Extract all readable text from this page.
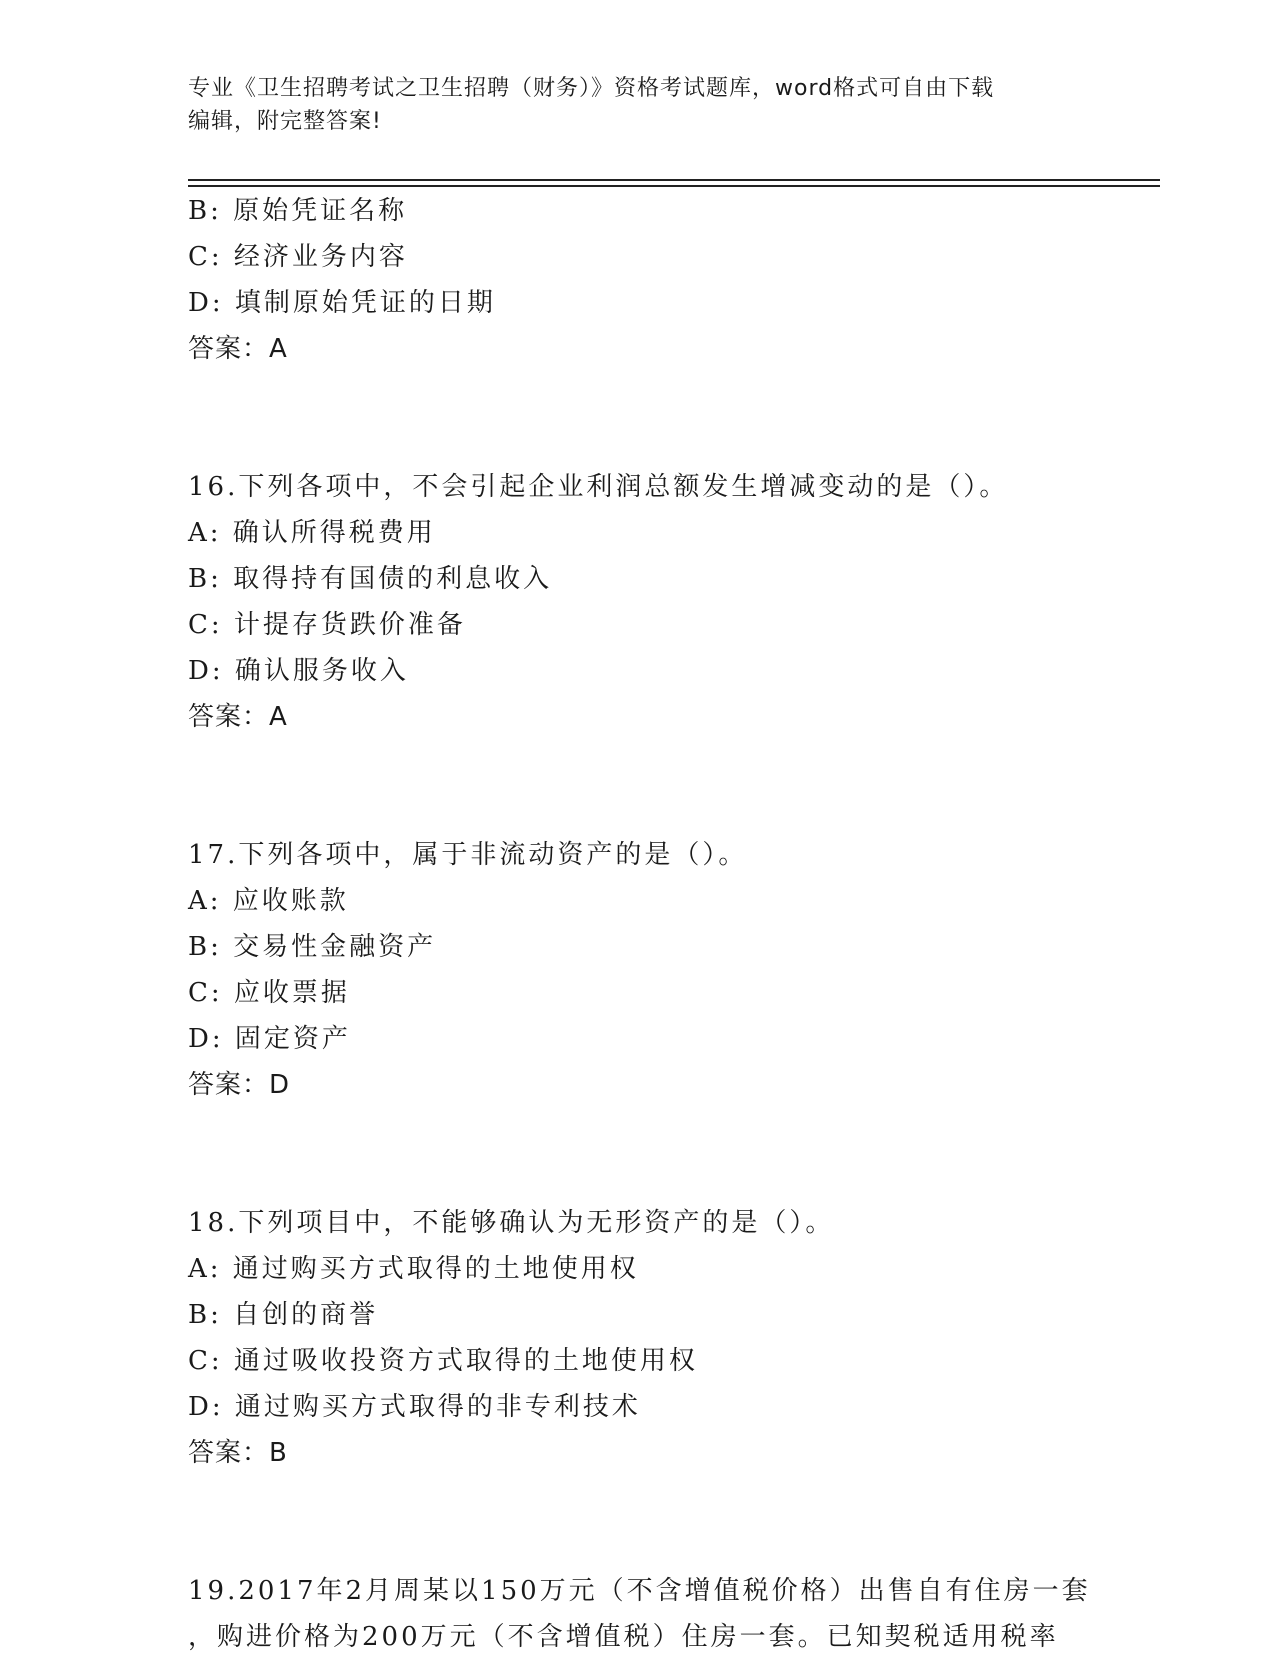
专业《卫生招聘考试之卫生招聘（财务）》资格考试题库，word格式可自由下载
编辑，附完整答案!
B: 原始凭证名称
C: 经济业务内容
D: 填制原始凭证的日期
答案：A
16.下列各项中，不会引起企业利润总额发生增减变动的是（）。
A: 确认所得税费用
B: 取得持有国债的利息收入
C: 计提存货跌价准备
D: 确认服务收入
答案：A
17.下列各项中，属于非流动资产的是（）。
A: 应收账款
B: 交易性金融资产
C: 应收票据
D: 固定资产
答案：D
18.下列项目中，不能够确认为无形资产的是（）。
A: 通过购买方式取得的土地使用权
B: 自创的商誉
C: 通过吸收投资方式取得的土地使用权
D: 通过购买方式取得的非专利技术
答案：B
19.2017年2月周某以150万元（不含增值税价格）出售自有住房一套
，购进价格为200万元（不含增值税）住房一套。已知契税适用税率
